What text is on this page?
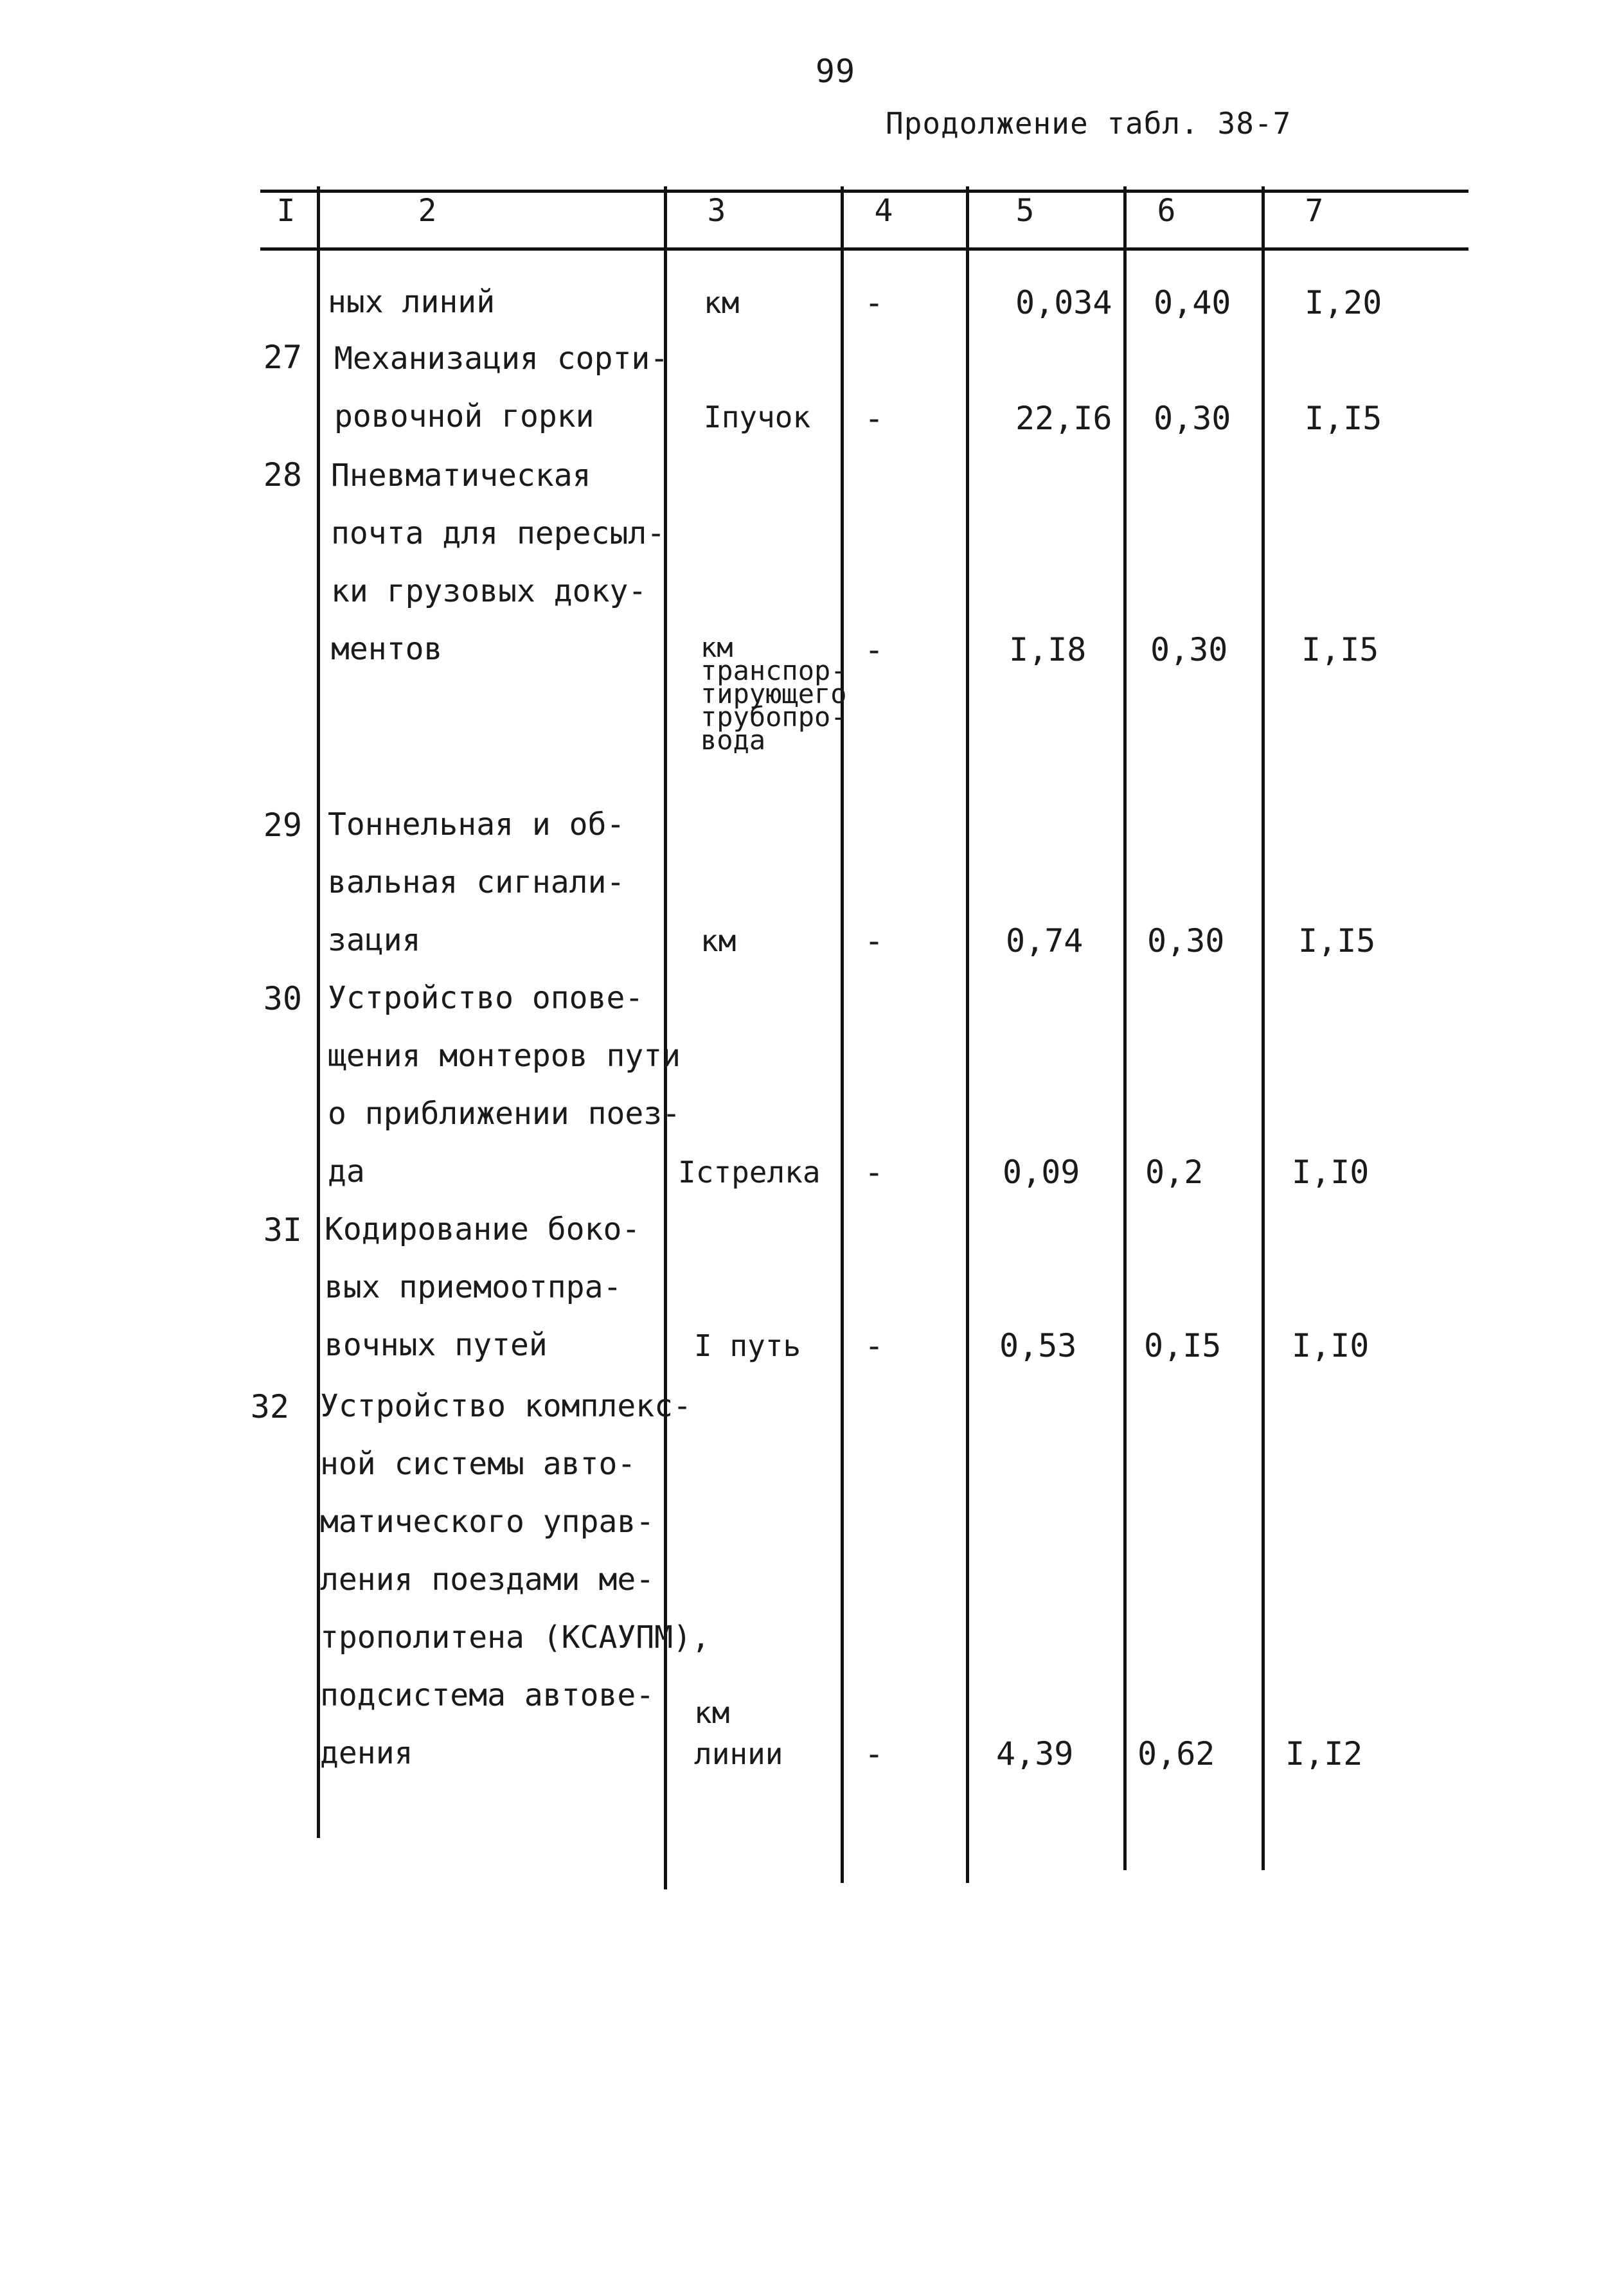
99
Продолжение табл. 38-7
I	2	3	4	5	6	7
ных линий	км	-	0,034 0,40 I,20
27 Механизация сорти-
ровочной горки	Iпучок -	22,I6 0,30 I,I5
28 Пневматическая
почта для пересыл-
ки грузовых доку-
ментов	км
транспор-
тирующего
трубопро-
вода
-	I,I8 0,30 I,I5
29 Тоннельная и об-
вальная сигнали-
зация	км	-	0,74 0,30 I,I5
30 Устройство опове-
щения монтеров пути
о приближении поез-
да	Iстрелка -	0,09 0,2	I,I0
3I Кодирование боко-
вых приемоотпра-
вочных путей	I путь -	0,53 0,I5 I,I0
32 Устройство комплекс-
ной системы авто-
матического управ-
ления поездами ме-
трополитена (КСАУПМ),
подсистема автове-
дения
км
линии	-	4,39 0,62 I,I2
